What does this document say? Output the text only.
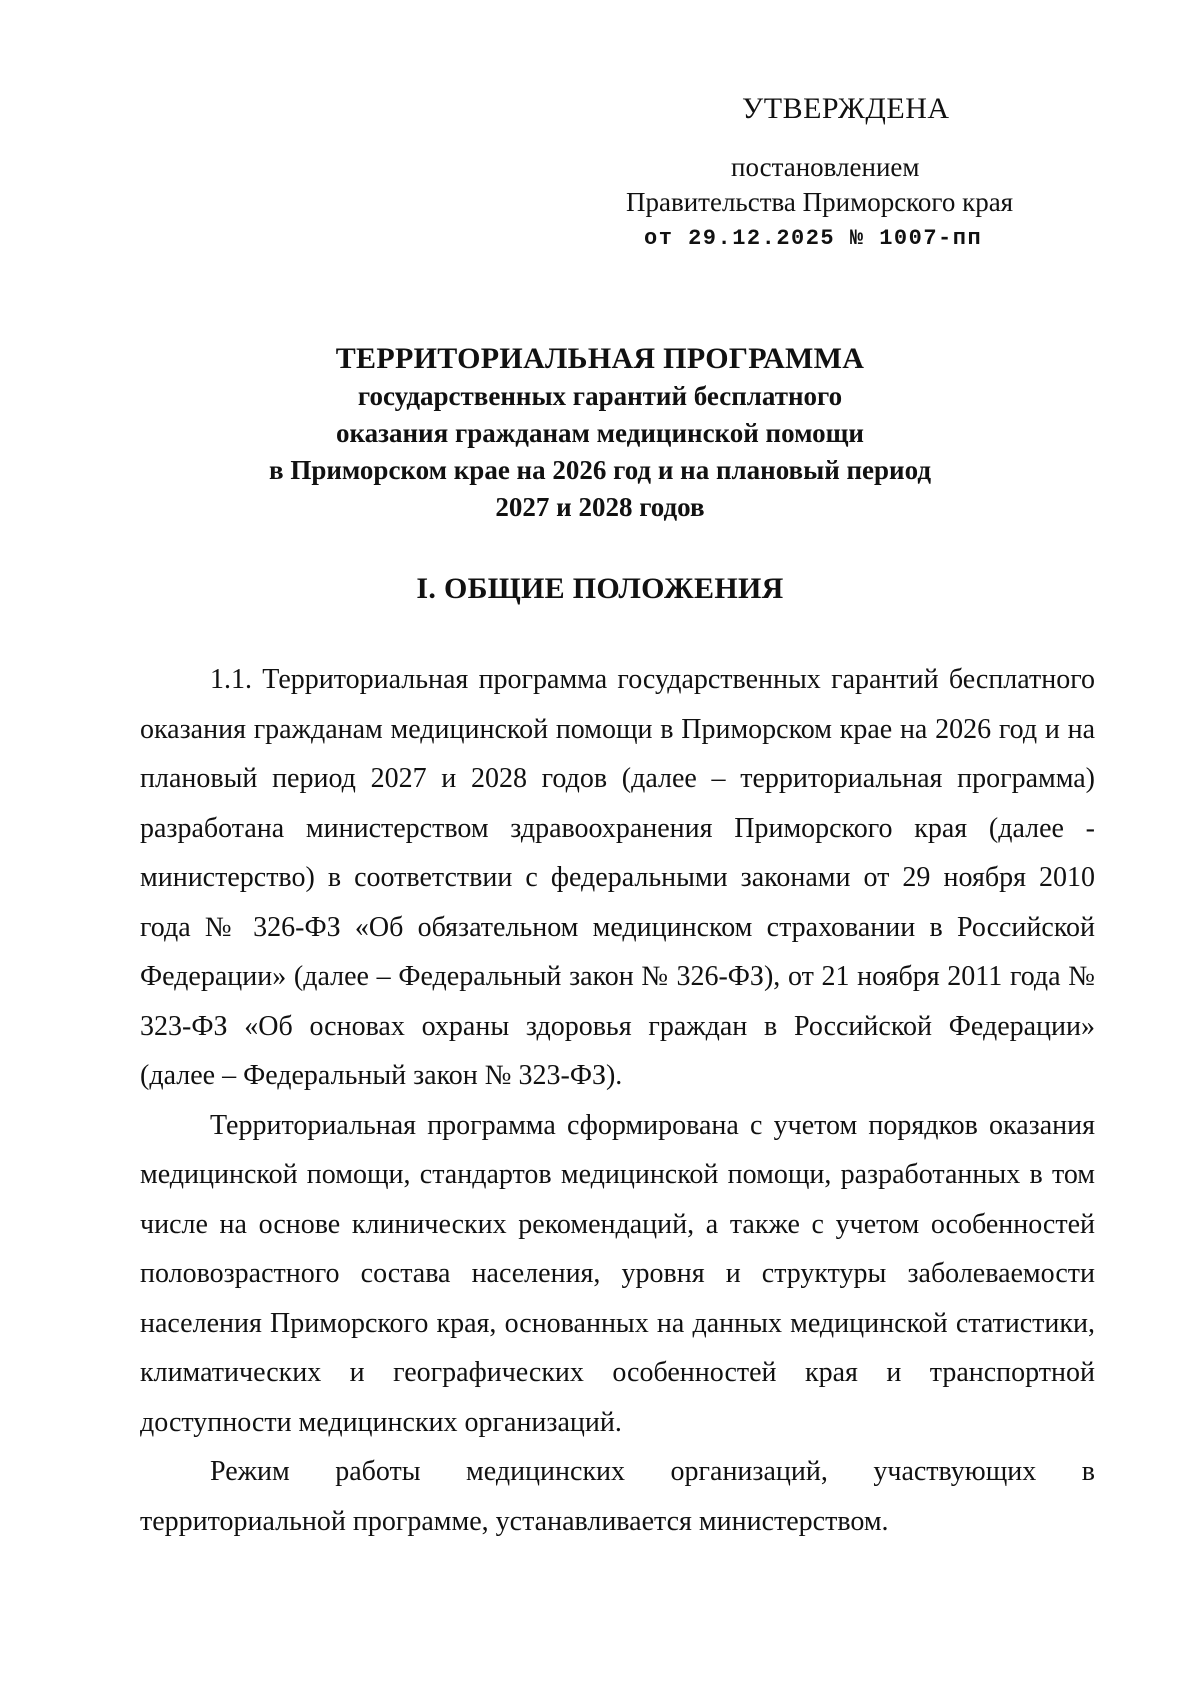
УТВЕРЖДЕНА
постановлением
Правительства Приморского края
от 29.12.2025 № 1007-пп
ТЕРРИТОРИАЛЬНАЯ ПРОГРАММА
государственных гарантий бесплатного
оказания гражданам медицинской помощи
в Приморском крае на 2026 год и на плановый период
2027 и 2028 годов
I. ОБЩИЕ ПОЛОЖЕНИЯ

1.1. Территориальная программа государственных гарантий бесплатного оказания гражданам медицинской помощи в Приморском крае на 2026 год и на плановый период 2027 и 2028 годов (далее – территориальная программа) разработана министерством здравоохранения Приморского края (далее - министерство) в соответствии с федеральными законами от 29 ноября 2010 года № 326-ФЗ «Об обязательном медицинском страховании в Российской Федерации» (далее – Федеральный закон № 326-ФЗ), от 21 ноября 2011 года № 323-ФЗ «Об основах охраны здоровья граждан в Российской Федерации» (далее – Федеральный закон № 323-ФЗ).

Территориальная программа сформирована с учетом порядков оказания медицинской помощи, стандартов медицинской помощи, разработанных в том числе на основе клинических рекомендаций, а также с учетом особенностей половозрастного состава населения, уровня и структуры заболеваемости населения Приморского края, основанных на данных медицинской статистики, климатических и географических особенностей края и транспортной доступности медицинских организаций.

Режим работы медицинских организаций, участвующих в территориальной программе, устанавливается министерством.
